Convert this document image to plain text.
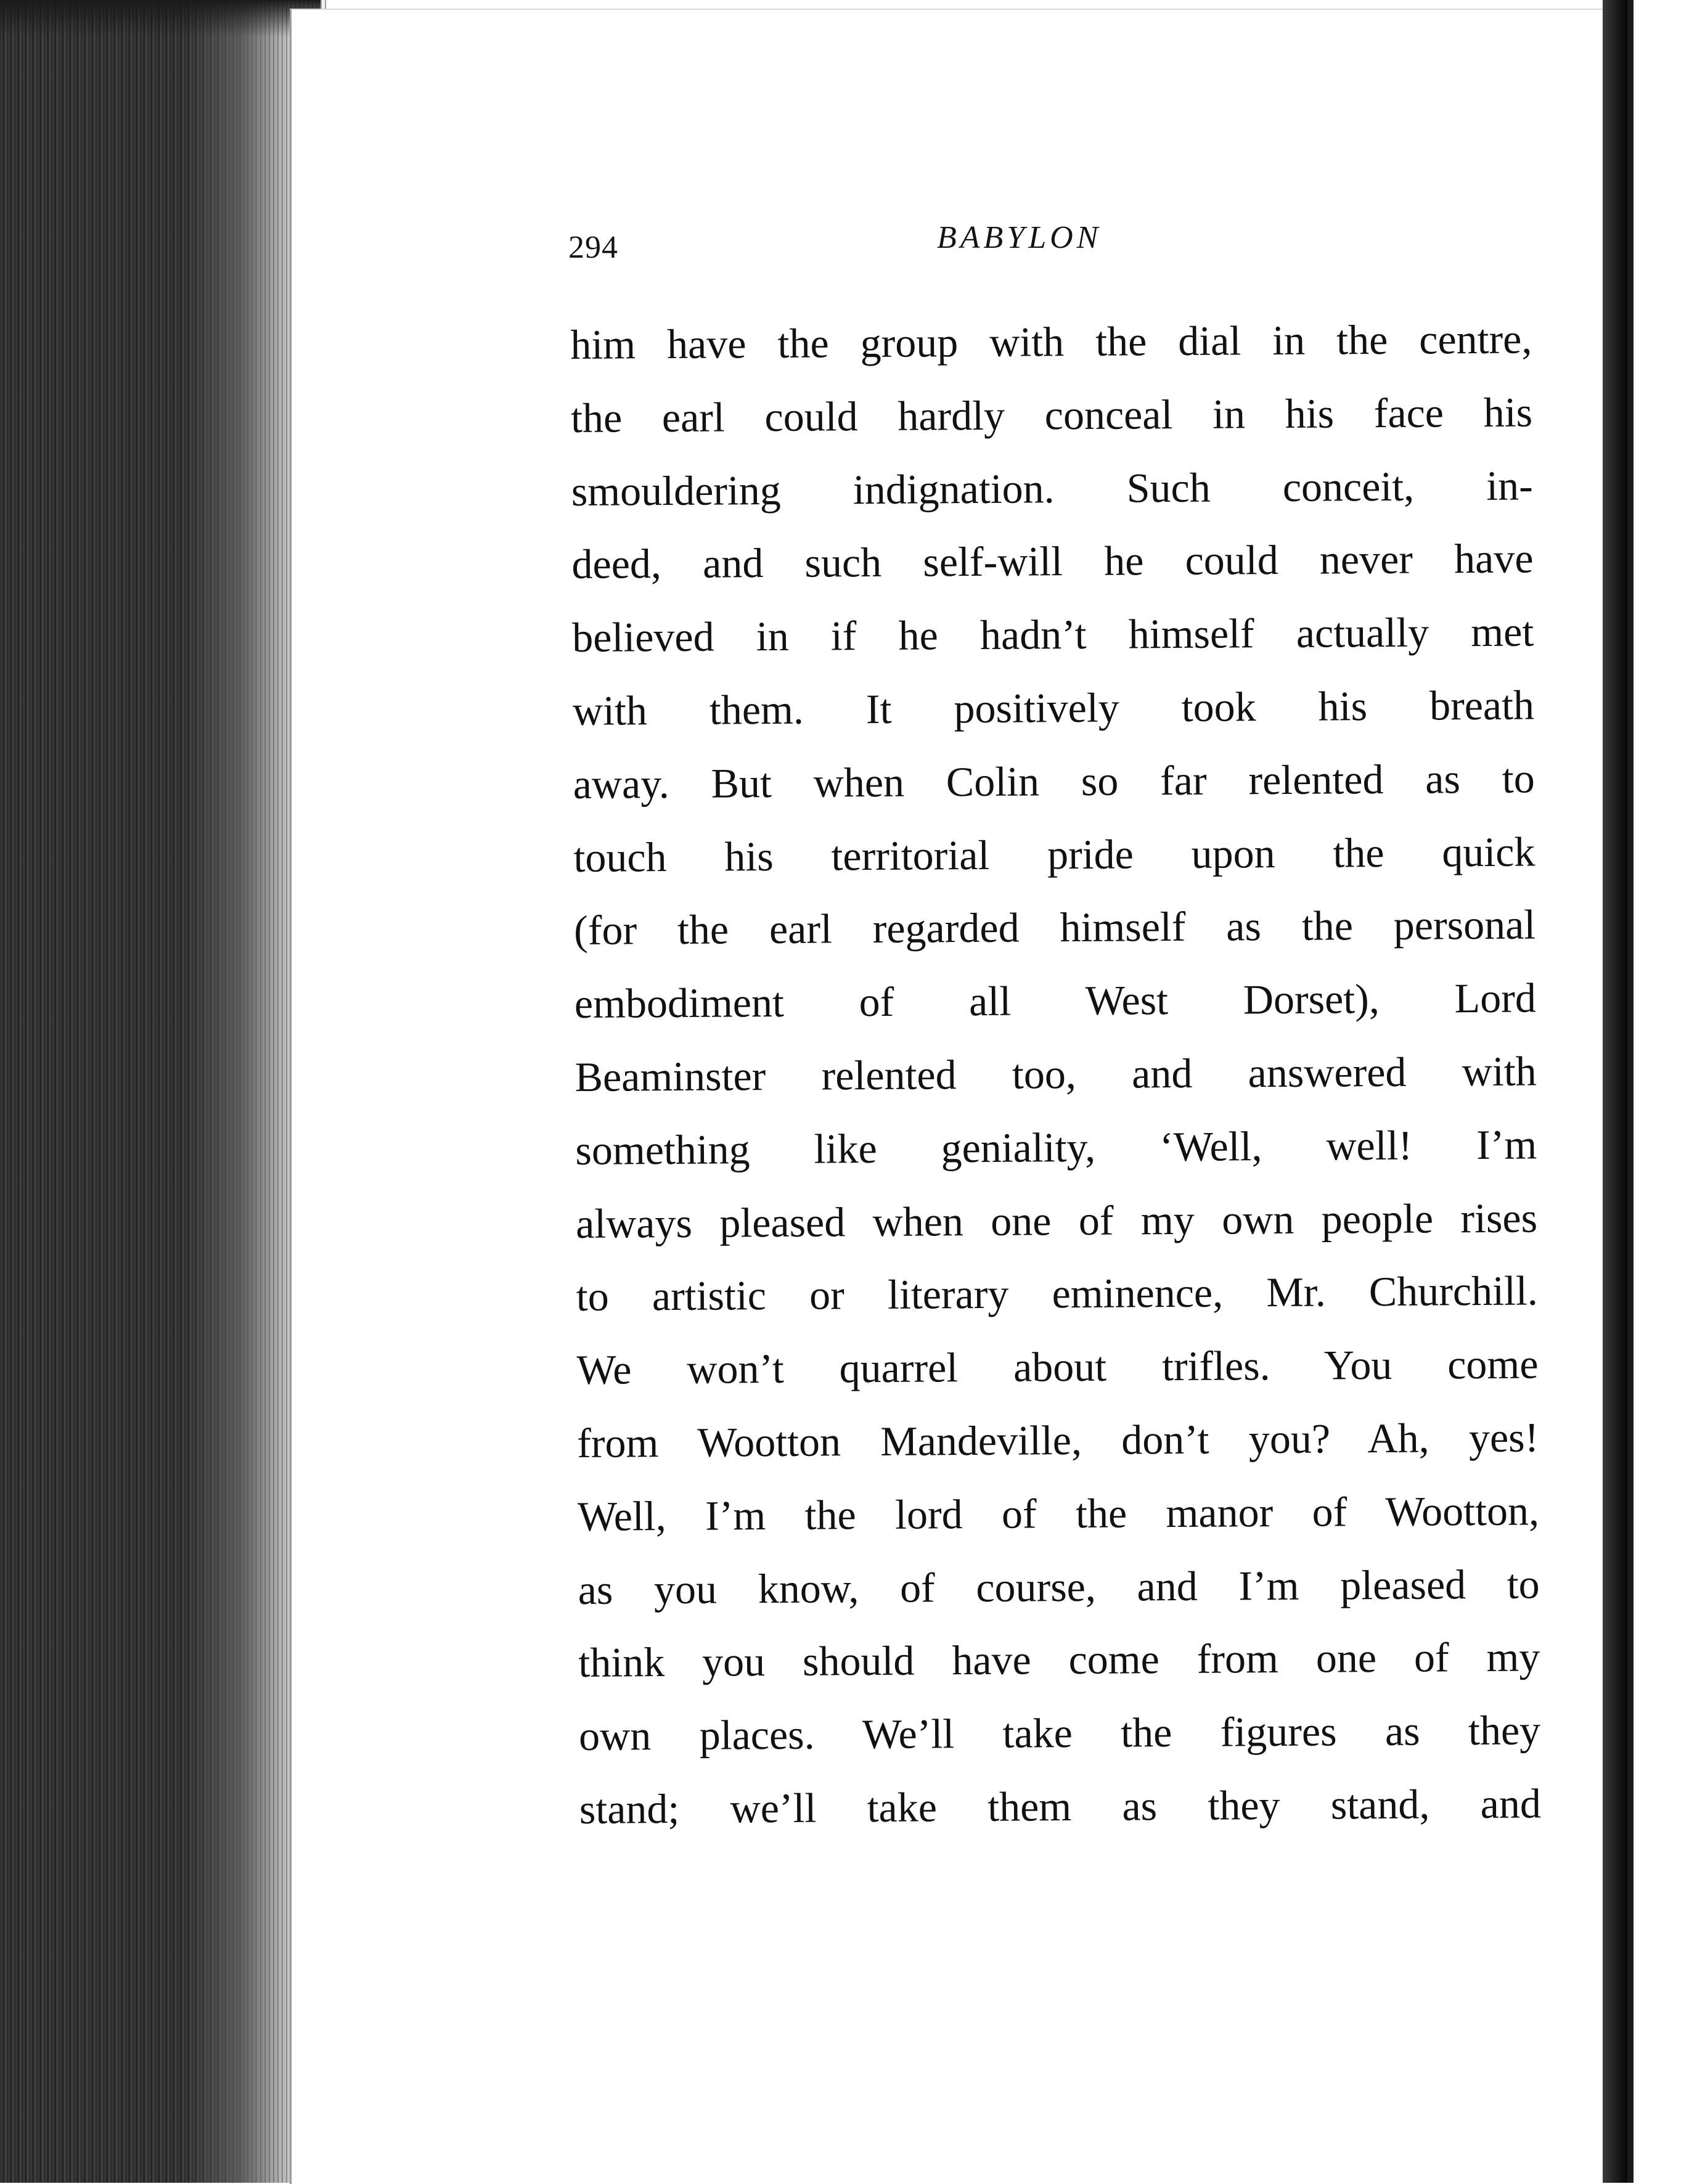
294	BABYLON
him have the group with the dial in the centre,
the earl could hardly conceal in his face his
smouldering indignation. Such conceit, in-
deed, and such self-will he could never have
believed in if he hadn’t himself actually met
with them. It positively took his breath
away. But when Colin so far relented as to
touch his territorial pride upon the quick
(for the earl regarded himself as the personal
embodiment of all West Dorset), Lord
Beaminster relented too, and answered with
something like geniality, ‘Well, well! I’m
always pleased when one of my own people rises
to artistic or literary eminence, Mr. Churchill.
We won’t quarrel about trifles. You come
from Wootton Mandeville, don’t you? Ah, yes!
Well, I’m the lord of the manor of Wootton,
as you know, of course, and I’m pleased to
think you should have come from one of my
own places. We’ll take the figures as they
stand; we’ll take them as they stand, and
